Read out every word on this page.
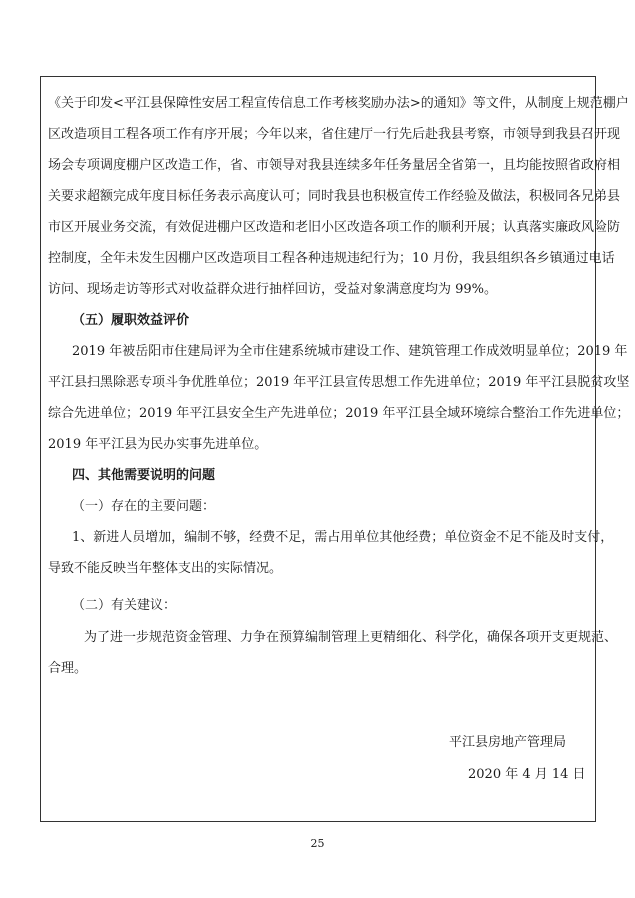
《关于印发<平江县保障性安居工程宣传信息工作考核奖励办法>的通知》等文件，从制度上规范棚户
区改造项目工程各项工作有序开展；今年以来，省住建厅一行先后赴我县考察，市领导到我县召开现
场会专项调度棚户区改造工作，省、市领导对我县连续多年任务量居全省第一，且均能按照省政府相
关要求超额完成年度目标任务表示高度认可；同时我县也积极宣传工作经验及做法，积极同各兄弟县
市区开展业务交流，有效促进棚户区改造和老旧小区改造各项工作的顺利开展；认真落实廉政风险防
控制度，全年未发生因棚户区改造项目工程各种违规违纪行为；10 月份，我县组织各乡镇通过电话
访问、现场走访等形式对收益群众进行抽样回访，受益对象满意度均为 99%。
（五）履职效益评价
2019 年被岳阳市住建局评为全市住建系统城市建设工作、建筑管理工作成效明显单位；2019 年
平江县扫黑除恶专项斗争优胜单位；2019 年平江县宣传思想工作先进单位；2019 年平江县脱贫攻坚
综合先进单位；2019 年平江县安全生产先进单位；2019 年平江县全域环境综合整治工作先进单位；
2019 年平江县为民办实事先进单位。
四、其他需要说明的问题
（一）存在的主要问题：
1、新进人员增加，编制不够，经费不足，需占用单位其他经费；单位资金不足不能及时支付，
导致不能反映当年整体支出的实际情况。
（二）有关建议：
为了进一步规范资金管理、力争在预算编制管理上更精细化、科学化，确保各项开支更规范、
合理。
平江县房地产管理局
2020 年 4 月 14 日
25
